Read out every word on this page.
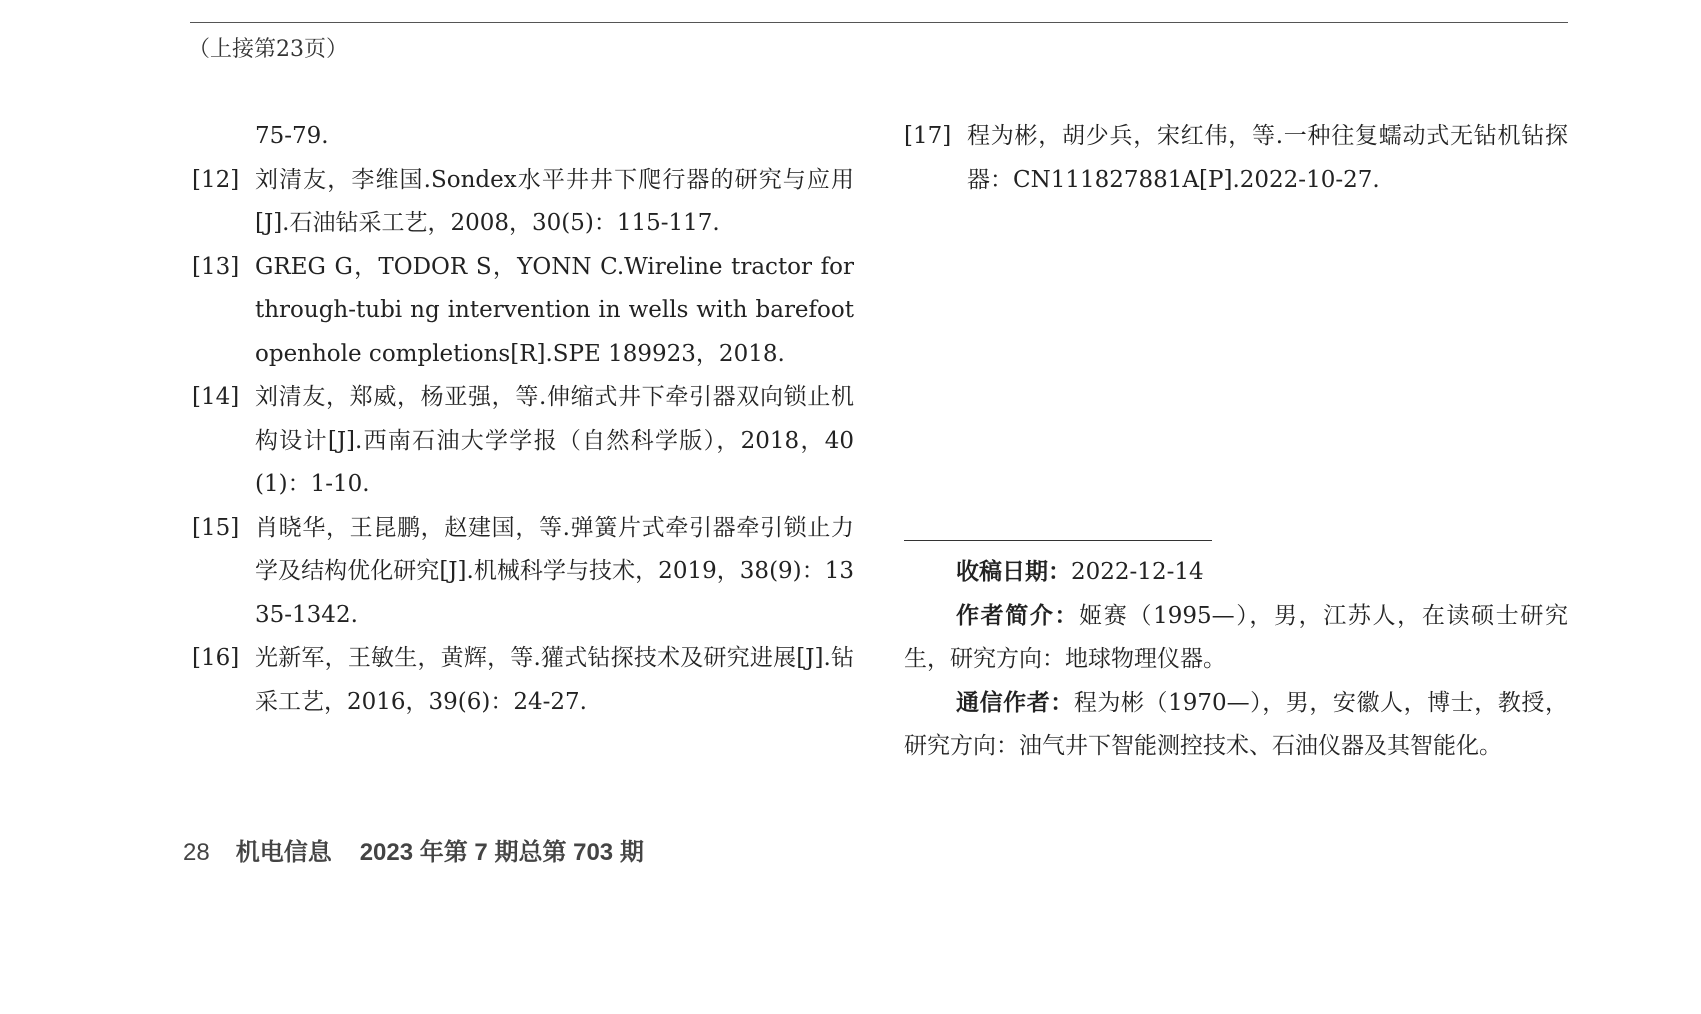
（上接第23页）
75-79.
[12] 刘清友，李维国.Sondex水平井井下爬行器的研究与应用[J].石油钻采工艺，2008，30(5)：115-117.
[13] GREG G，TODOR S，YONN C.Wireline tractor for through-tubi ng intervention in wells with barefoot openhole completions[R].SPE 189923，2018.
[14] 刘清友，郑威，杨亚强，等.伸缩式井下牵引器双向锁止机构设计[J].西南石油大学学报（自然科学版），2018，40(1)：1-10.
[15] 肖晓华，王昆鹏，赵建国，等.弹簧片式牵引器牵引锁止力学及结构优化研究[J].机械科学与技术，2019，38(9)：1335-1342.
[16] 光新军，王敏生，黄辉，等.獾式钻探技术及研究进展[J].钻采工艺，2016，39(6)：24-27.
[17] 程为彬，胡少兵，宋红伟，等.一种往复蠕动式无钻机钻探器：CN111827881A[P].2022-10-27.

收稿日期：2022-12-14

作者简介：姬赛（1995—），男，江苏人，在读硕士研究生，研究方向：地球物理仪器。

通信作者：程为彬（1970—），男，安徽人，博士，教授，研究方向：油气井下智能测控技术、石油仪器及其智能化。

28 机电信息 2023 年第 7 期总第 703 期
